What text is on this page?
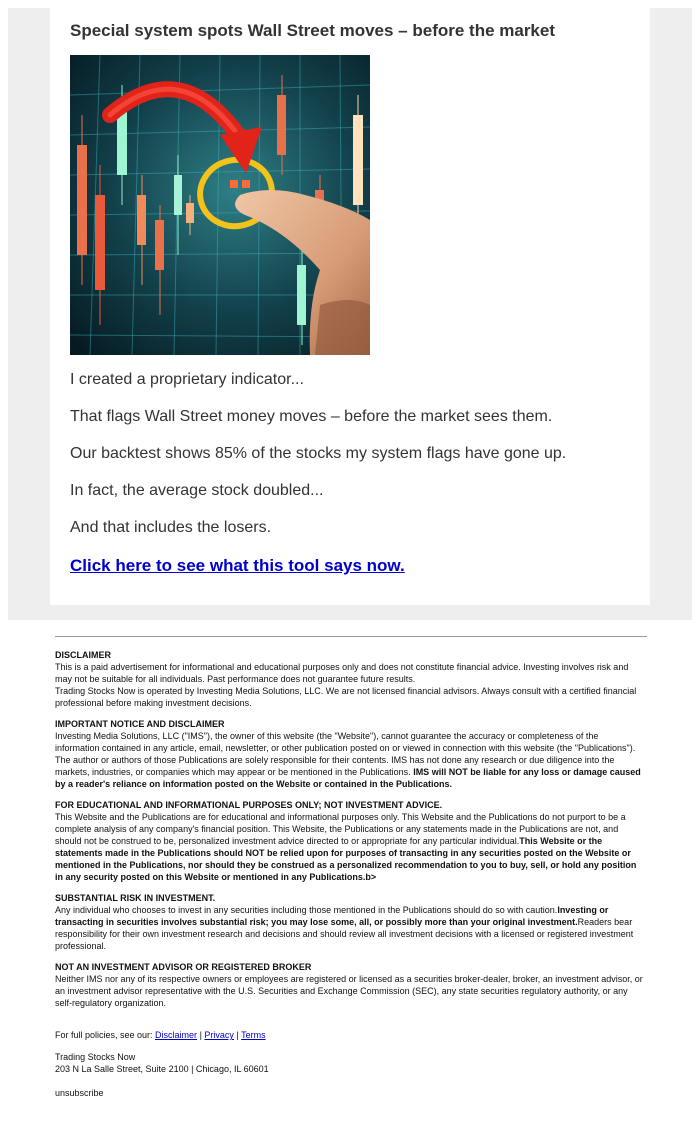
Special system spots Wall Street moves – before the market

I created a proprietary indicator...

That flags Wall Street money moves – before the market sees them.

Our backtest shows 85% of the stocks my system flags have gone up.

In fact, the average stock doubled...

And that includes the losers.

Click here to see what this tool says now.
DISCLAIMER

This is a paid advertisement for informational and educational purposes only and does not constitute financial advice. Investing involves risk and may not be suitable for all individuals. Past performance does not guarantee future results.

Trading Stocks Now is operated by Investing Media Solutions, LLC. We are not licensed financial advisors. Always consult with a certified financial professional before making investment decisions.

IMPORTANT NOTICE AND DISCLAIMER

Investing Media Solutions, LLC ("IMS"), the owner of this website (the "Website"), cannot guarantee the accuracy or completeness of the information contained in any article, email, newsletter, or other publication posted on or viewed in connection with this website (the "Publications"). The author or authors of those Publications are solely responsible for their contents. IMS has not done any research or due diligence into the markets, industries, or companies which may appear or be mentioned in the Publications. IMS will NOT be liable for any loss or damage caused by a reader's reliance on information posted on the Website or contained in the Publications.

FOR EDUCATIONAL AND INFORMATIONAL PURPOSES ONLY; NOT INVESTMENT ADVICE.

This Website and the Publications are for educational and informational purposes only. This Website and the Publications do not purport to be a complete analysis of any company's financial position. This Website, the Publications or any statements made in the Publications are not, and should not be construed to be, personalized investment advice directed to or appropriate for any particular individual.This Website or the statements made in the Publications should NOT be relied upon for purposes of transacting in any securities posted on the Website or mentioned in the Publications, nor should they be construed as a personalized recommendation to you to buy, sell, or hold any position in any security posted on this Website or mentioned in any Publications.b>

SUBSTANTIAL RISK IN INVESTMENT.

Any individual who chooses to invest in any securities including those mentioned in the Publications should do so with caution.Investing or transacting in securities involves substantial risk; you may lose some, all, or possibly more than your original investment.Readers bear responsibility for their own investment research and decisions and should review all investment decisions with a licensed or registered investment professional.

NOT AN INVESTMENT ADVISOR OR REGISTERED BROKER

Neither IMS nor any of its respective owners or employees are registered or licensed as a securities broker-dealer, broker, an investment advisor, or an investment advisor representative with the U.S. Securities and Exchange Commission (SEC), any state securities regulatory authority, or any self-regulatory organization.

For full policies, see our: Disclaimer | Privacy | Terms
Trading Stocks Now
203 N La Salle Street, Suite 2100 | Chicago, IL 60601
unsubscribe
